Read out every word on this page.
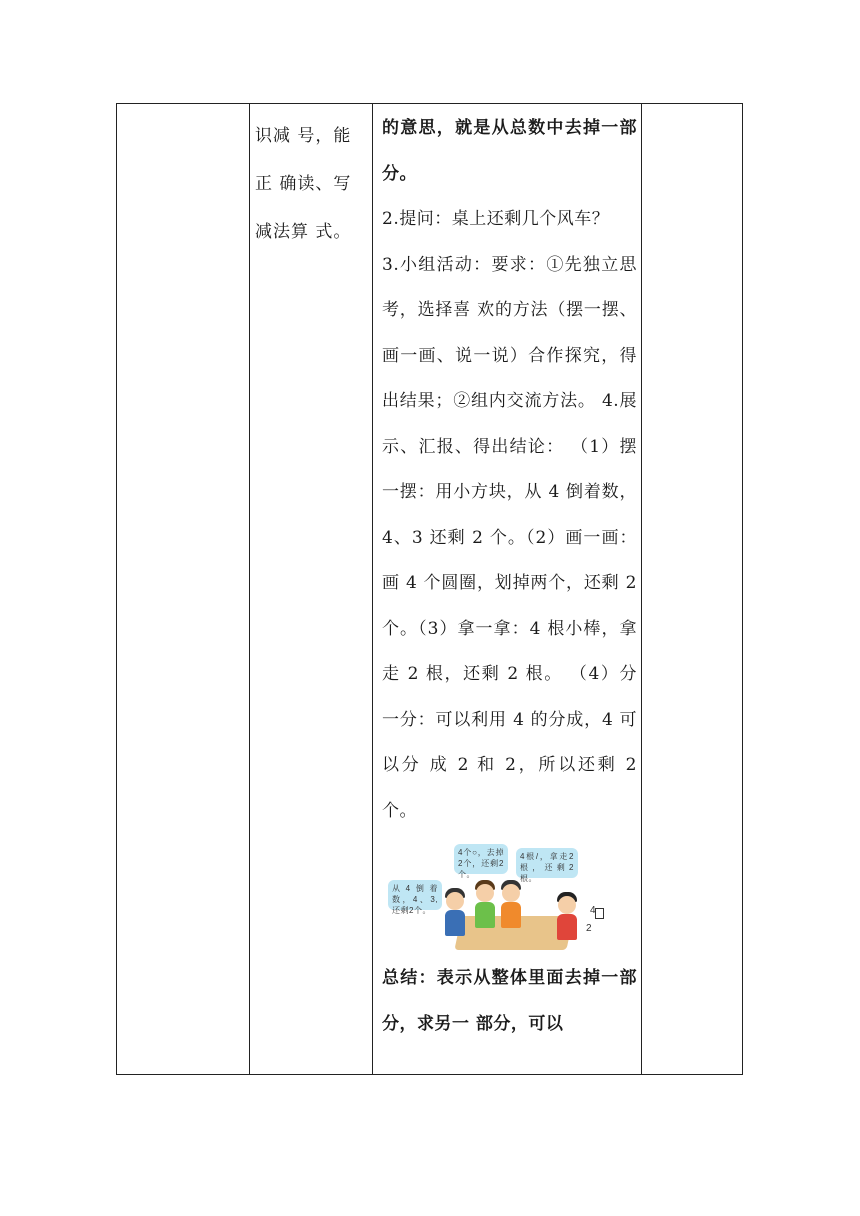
识减 号，能
正 确读、写
减法算 式。

的意思，就是从总数中去掉一部分。

2.提问：桌上还剩几个风车？

3.小组活动：要求：①先独立思考，选择喜 欢的方法（摆一摆、画一画、说一说）合作探究，得出结果；②组内交流方法。 4.展示、汇报、得出结论： （1）摆一摆：用小方块，从 4 倒着数，4、3 还剩 2 个。（2）画一画：画 4 个圆圈，划掉两个，还剩 2 个。（3）拿一拿：4 根小棒，拿走 2 根，还剩 2 根。 （4）分一分：可以利用 4 的分成，4 可以分 成 2 和 2，所以还剩 2 个。

从4倒着数，4、3,还剩2个。
4个○，去掉2个，还剩2个。
4根/，拿走2根，还剩2根。
4
2

总结：表示从整体里面去掉一部分，求另一 部分，可以
